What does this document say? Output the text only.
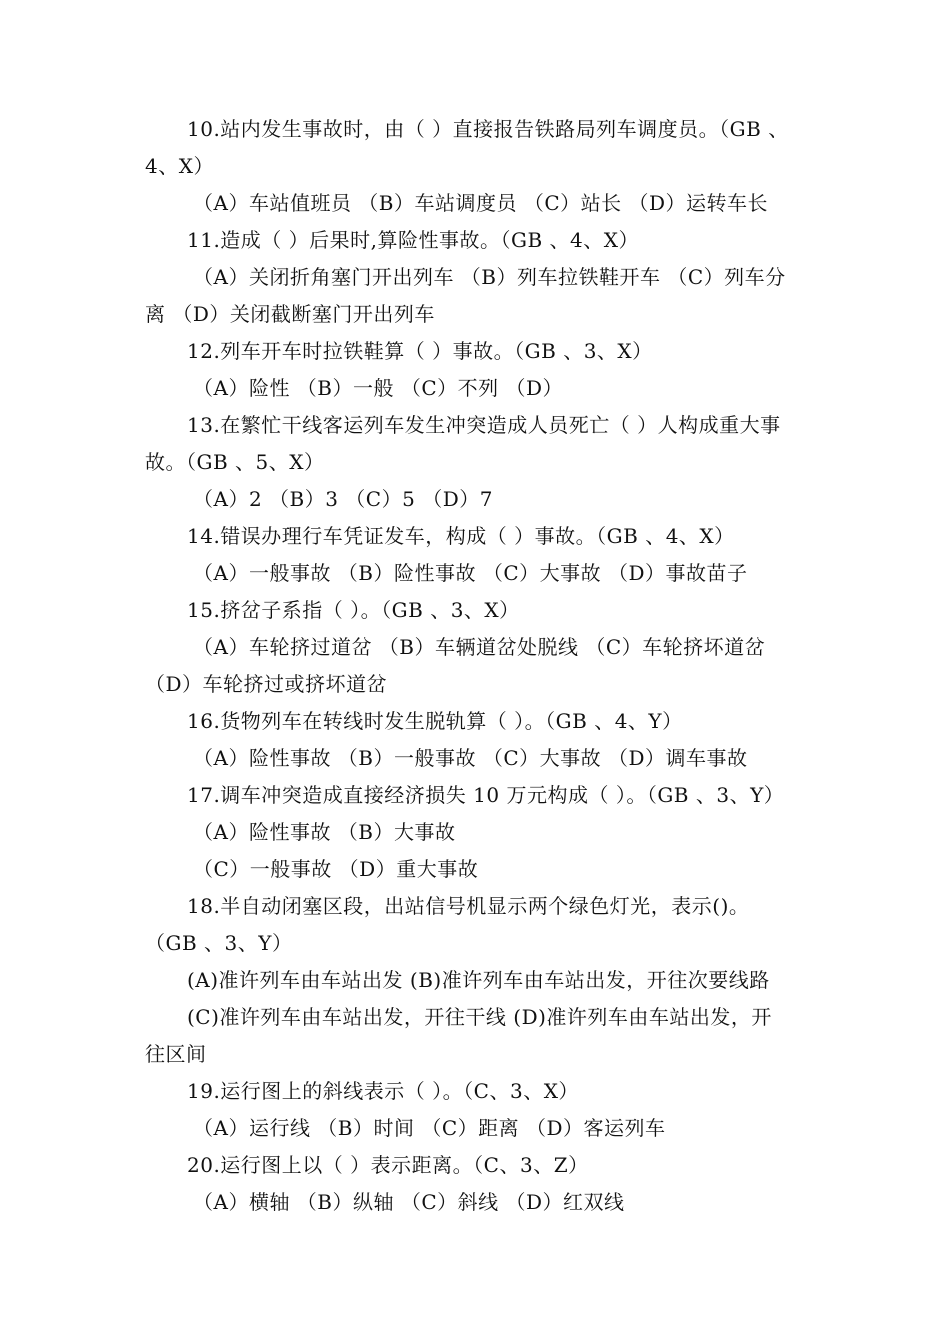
10.站内发生事故时，由（ ）直接报告铁路局列车调度员。（GB 、
4、X）
（A）车站值班员 （B）车站调度员 （C）站长 （D）运转车长
11.造成（ ）后果时,算险性事故。（GB 、4、X）
（A）关闭折角塞门开出列车 （B）列车拉铁鞋开车 （C）列车分
离 （D）关闭截断塞门开出列车
12.列车开车时拉铁鞋算（ ）事故。（GB 、3、X）
（A）险性 （B）一般 （C）不列 （D）
13.在繁忙干线客运列车发生冲突造成人员死亡（ ）人构成重大事
故。（GB 、5、X）
（A）2 （B）3 （C）5 （D）7
14.错误办理行车凭证发车，构成（ ）事故。（GB 、4、X）
（A）一般事故 （B）险性事故 （C）大事故 （D）事故苗子
15.挤岔子系指（ ）。（GB 、3、X）
（A）车轮挤过道岔 （B）车辆道岔处脱线 （C）车轮挤坏道岔
（D）车轮挤过或挤坏道岔
16.货物列车在转线时发生脱轨算（ ）。（GB 、4、Y）
（A）险性事故 （B）一般事故 （C）大事故 （D）调车事故
17.调车冲突造成直接经济损失 10 万元构成（ ）。（GB 、3、Y）
（A）险性事故 （B）大事故
（C）一般事故 （D）重大事故
18.半自动闭塞区段，出站信号机显示两个绿色灯光，表示()。
（GB 、3、Y）
(A)准许列车由车站出发 (B)准许列车由车站出发，开往次要线路
(C)准许列车由车站出发，开往干线 (D)准许列车由车站出发，开
往区间
19.运行图上的斜线表示（ ）。（C、3、X）
（A）运行线 （B）时间 （C）距离 （D）客运列车
20.运行图上以（ ）表示距离。（C、3、Z）
（A）横轴 （B）纵轴 （C）斜线 （D）红双线
